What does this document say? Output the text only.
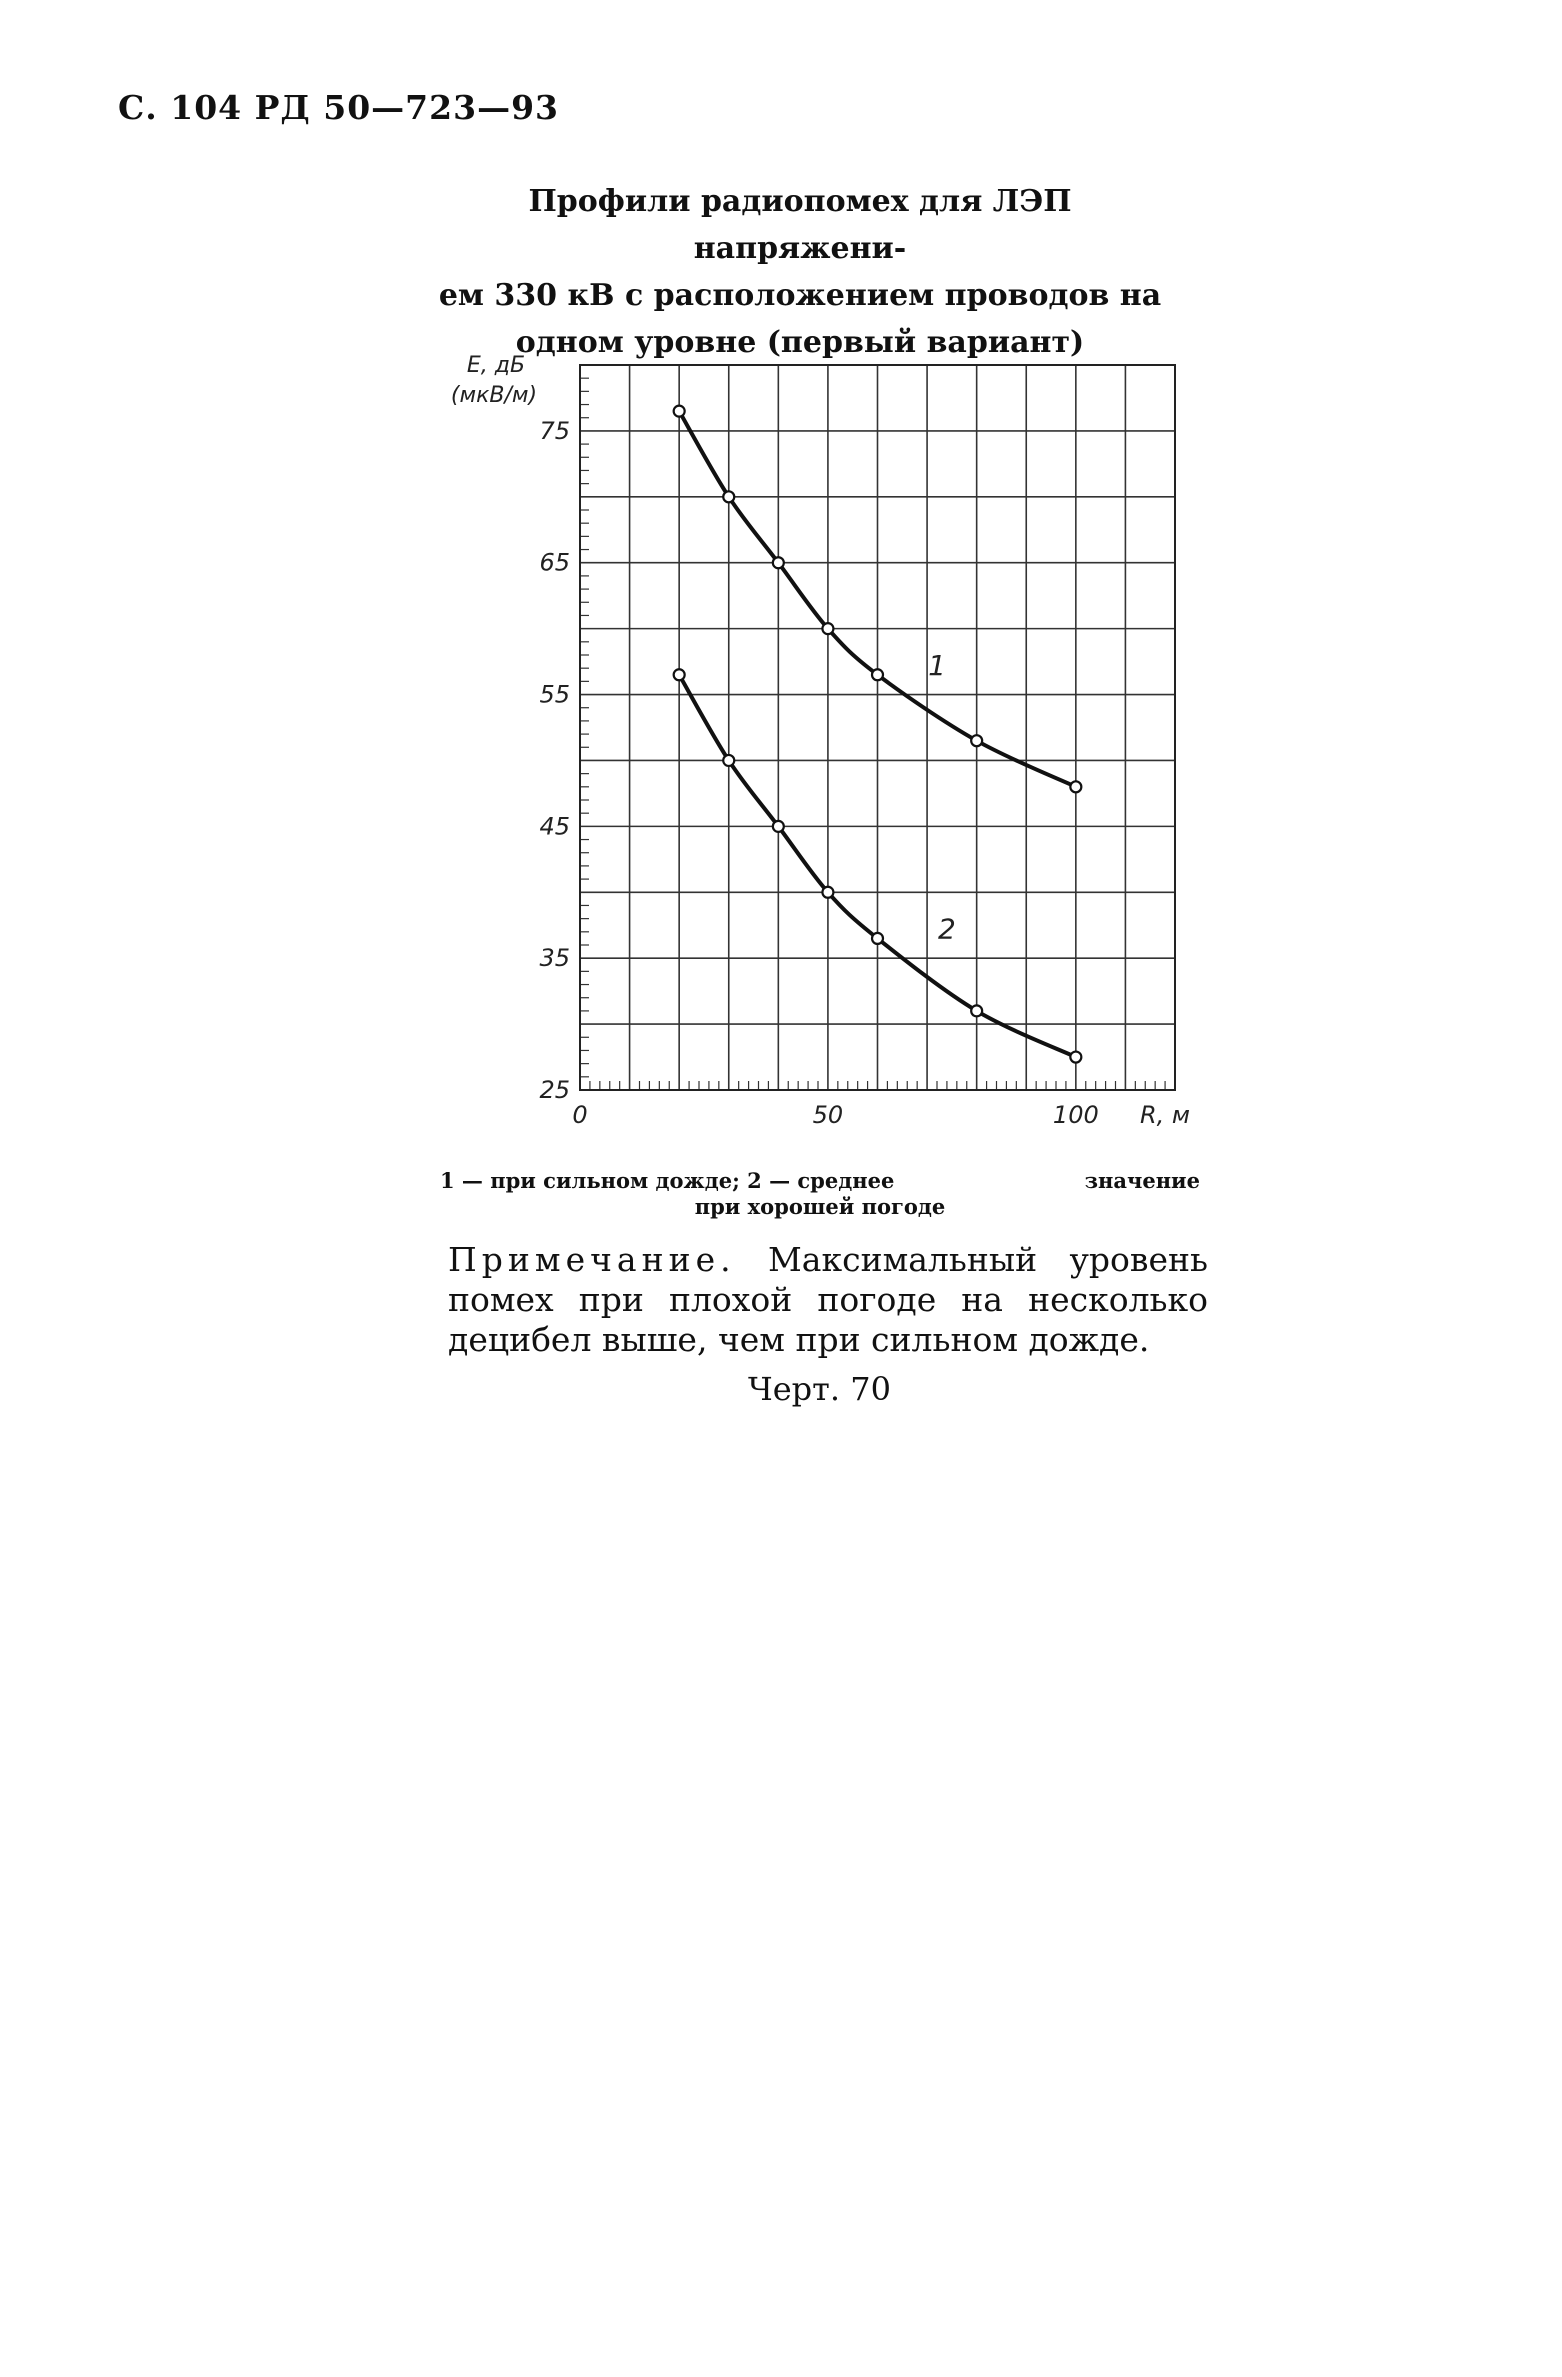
С. 104 РД 50—723—93
Профили радиопомех для ЛЭП напряжени-
ем 330 кВ с расположением проводов на
одном уровне (первый вариант)
1
2
25
35
45
55
65
75
0	50	100
E, дБ
(мкВ/м)
R, м
1 — при сильном дожде; 2 — среднее	значение
при хорошей погоде
Примечание. Максимальный уровень помех при плохой погоде на несколько децибел выше, чем при сильном дожде.
Черт. 70
